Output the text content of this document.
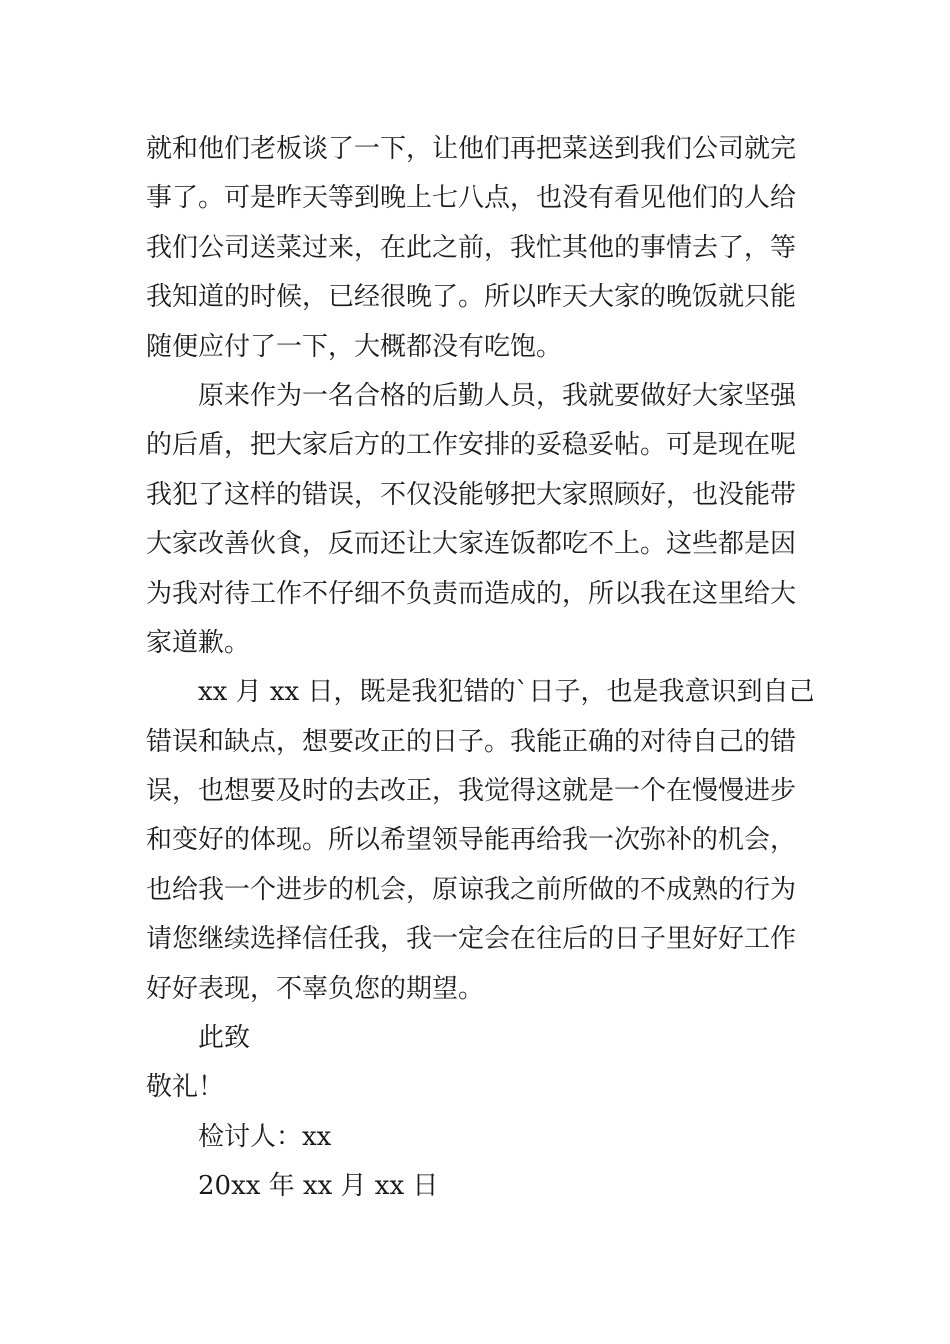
就和他们老板谈了一下，让他们再把菜送到我们公司就完
事了。可是昨天等到晚上七八点，也没有看见他们的人给
我们公司送菜过来，在此之前，我忙其他的事情去了，等
我知道的时候，已经很晚了。所以昨天大家的晚饭就只能
随便应付了一下，大概都没有吃饱。
原来作为一名合格的后勤人员，我就要做好大家坚强
的后盾，把大家后方的工作安排的妥稳妥帖。可是现在呢
我犯了这样的错误，不仅没能够把大家照顾好，也没能带
大家改善伙食，反而还让大家连饭都吃不上。这些都是因
为我对待工作不仔细不负责而造成的，所以我在这里给大
家道歉。
xx 月 xx 日，既是我犯错的`日子，也是我意识到自己
错误和缺点，想要改正的日子。我能正确的对待自己的错
误，也想要及时的去改正，我觉得这就是一个在慢慢进步
和变好的体现。所以希望领导能再给我一次弥补的机会，
也给我一个进步的机会，原谅我之前所做的不成熟的行为
请您继续选择信任我，我一定会在往后的日子里好好工作
好好表现，不辜负您的期望。
此致
敬礼！
检讨人：xx
20xx 年 xx 月 xx 日
